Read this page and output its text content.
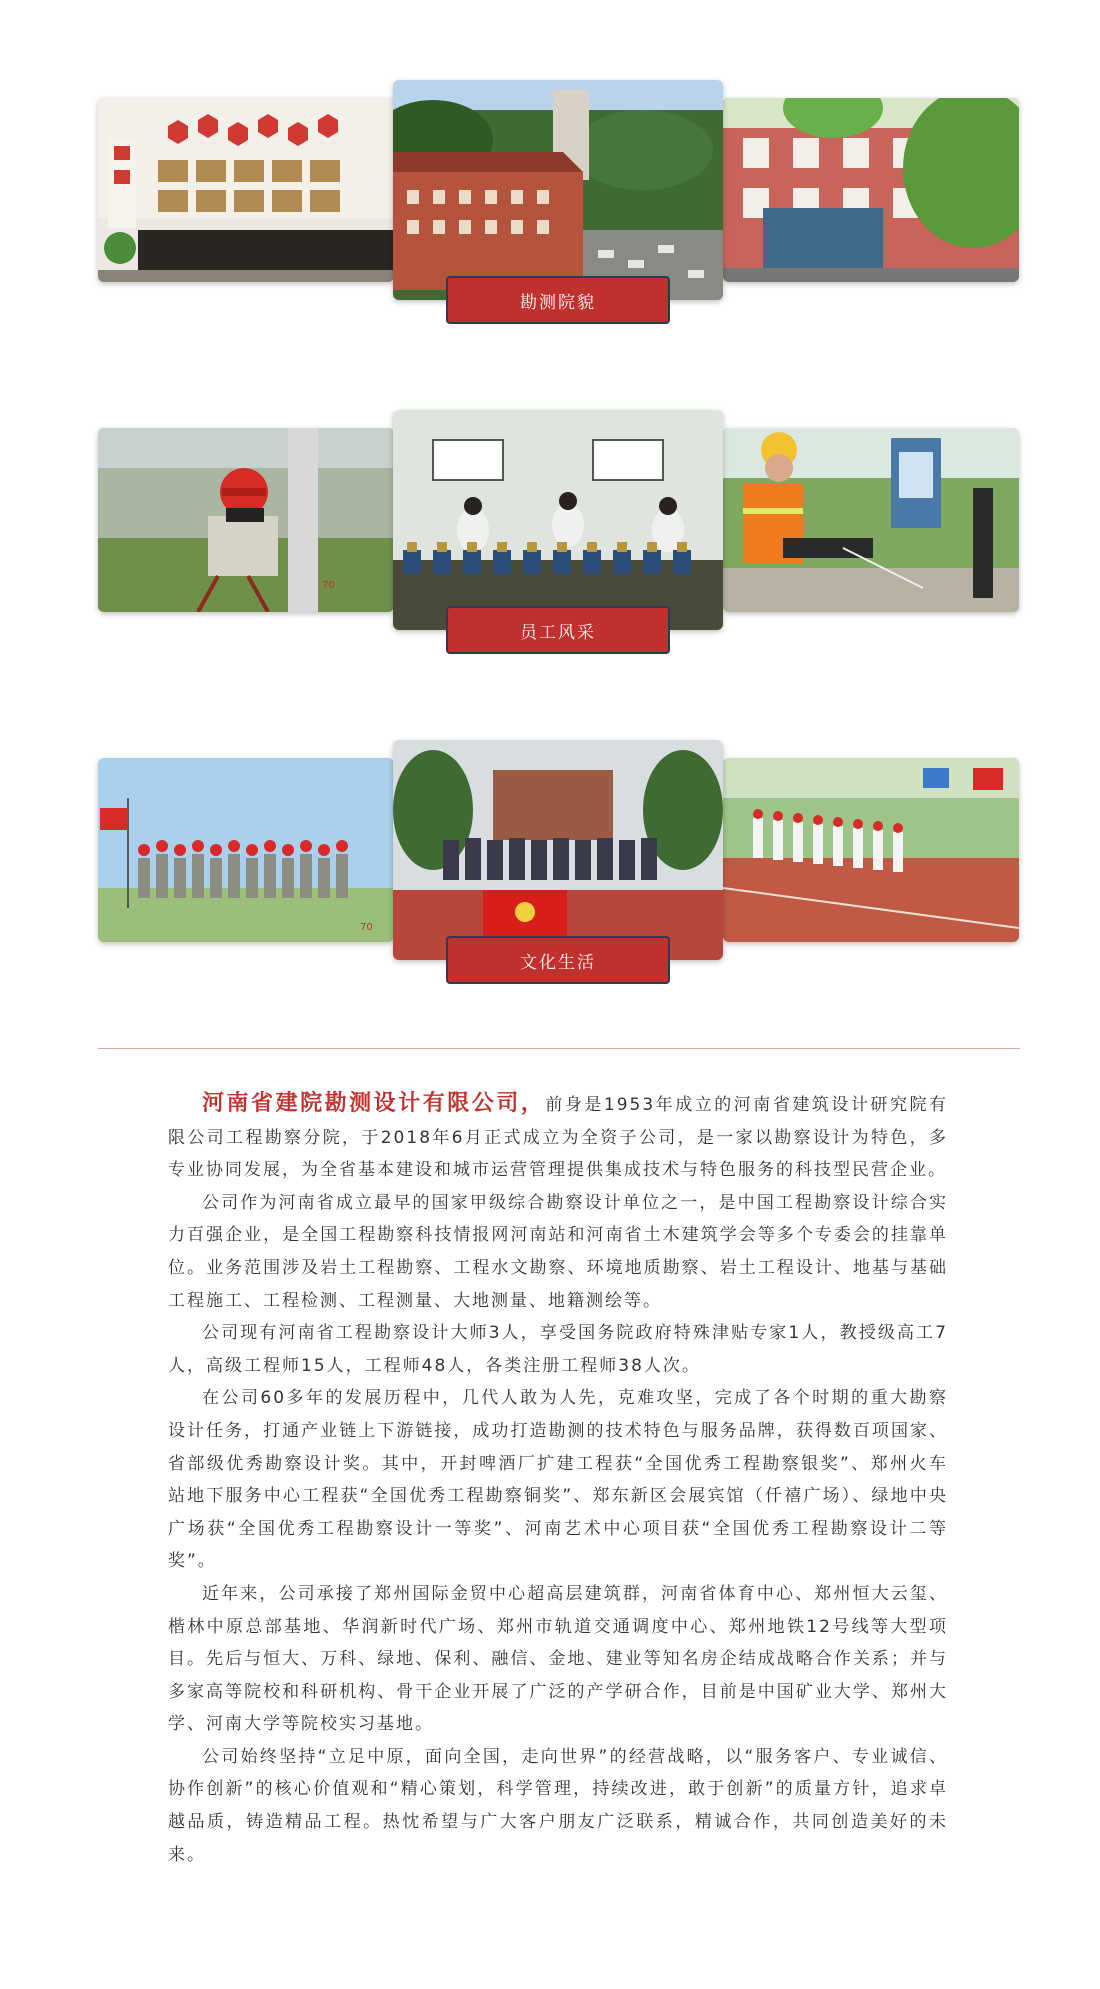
勘测院貌
70
员工风采
70
文化生活

河南省建院勘测设计有限公司，前身是1953年成立的河南省建筑设计研究院有限公司工程勘察分院，于2018年6月正式成立为全资子公司，是一家以勘察设计为特色，多专业协同发展，为全省基本建设和城市运营管理提供集成技术与特色服务的科技型民营企业。

公司作为河南省成立最早的国家甲级综合勘察设计单位之一，是中国工程勘察设计综合实力百强企业，是全国工程勘察科技情报网河南站和河南省土木建筑学会等多个专委会的挂靠单位。业务范围涉及岩土工程勘察、工程水文勘察、环境地质勘察、岩土工程设计、地基与基础工程施工、工程检测、工程测量、大地测量、地籍测绘等。

公司现有河南省工程勘察设计大师3人，享受国务院政府特殊津贴专家1人，教授级高工7人，高级工程师15人，工程师48人，各类注册工程师38人次。

在公司60多年的发展历程中，几代人敢为人先，克难攻坚，完成了各个时期的重大勘察设计任务，打通产业链上下游链接，成功打造勘测的技术特色与服务品牌，获得数百项国家、省部级优秀勘察设计奖。其中，开封啤酒厂扩建工程获“全国优秀工程勘察银奖”、郑州火车站地下服务中心工程获“全国优秀工程勘察铜奖”、郑东新区会展宾馆（仟禧广场）、绿地中央广场获“全国优秀工程勘察设计一等奖”、河南艺术中心项目获“全国优秀工程勘察设计二等奖”。

近年来，公司承接了郑州国际金贸中心超高层建筑群，河南省体育中心、郑州恒大云玺、楷林中原总部基地、华润新时代广场、郑州市轨道交通调度中心、郑州地铁12号线等大型项目。先后与恒大、万科、绿地、保利、融信、金地、建业等知名房企结成战略合作关系；并与多家高等院校和科研机构、骨干企业开展了广泛的产学研合作，目前是中国矿业大学、郑州大学、河南大学等院校实习基地。

公司始终坚持“立足中原，面向全国，走向世界”的经营战略，以“服务客户、专业诚信、协作创新”的核心价值观和“精心策划，科学管理，持续改进，敢于创新”的质量方针，追求卓越品质，铸造精品工程。热忱希望与广大客户朋友广泛联系，精诚合作，共同创造美好的未来。
